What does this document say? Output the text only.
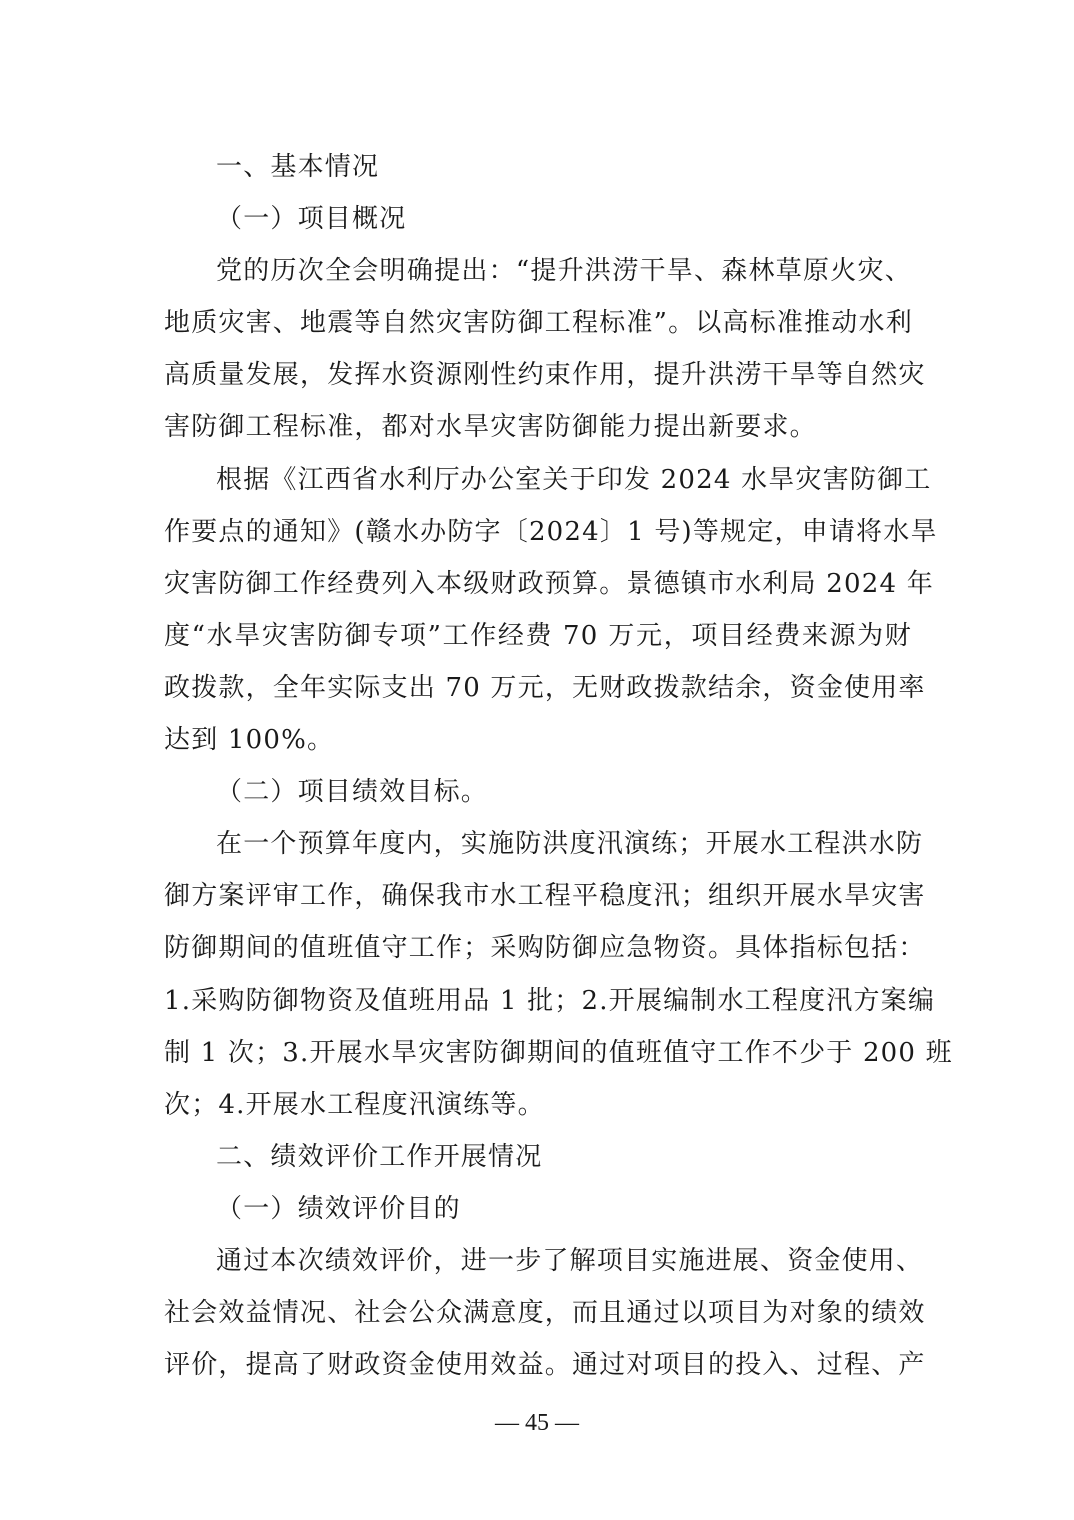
一、基本情况
（一）项目概况
党的历次全会明确提出：“提升洪涝干旱、森林草原火灾、
地质灾害、地震等自然灾害防御工程标准”。以高标准推动水利
高质量发展，发挥水资源刚性约束作用，提升洪涝干旱等自然灾
害防御工程标准，都对水旱灾害防御能力提出新要求。
根据《江西省水利厅办公室关于印发 2024 水旱灾害防御工
作要点的通知》(赣水办防字〔2024〕1 号)等规定，申请将水旱
灾害防御工作经费列入本级财政预算。景德镇市水利局 2024 年
度“水旱灾害防御专项”工作经费 70 万元，项目经费来源为财
政拨款，全年实际支出 70 万元，无财政拨款结余，资金使用率
达到 100%。
（二）项目绩效目标。
在一个预算年度内，实施防洪度汛演练；开展水工程洪水防
御方案评审工作，确保我市水工程平稳度汛；组织开展水旱灾害
防御期间的值班值守工作；采购防御应急物资。具体指标包括：
1.采购防御物资及值班用品 1 批；2.开展编制水工程度汛方案编
制 1 次；3.开展水旱灾害防御期间的值班值守工作不少于 200 班
次；4.开展水工程度汛演练等。
二、绩效评价工作开展情况
（一）绩效评价目的
通过本次绩效评价，进一步了解项目实施进展、资金使用、
社会效益情况、社会公众满意度，而且通过以项目为对象的绩效
评价，提高了财政资金使用效益。通过对项目的投入、过程、产
— 45 —
